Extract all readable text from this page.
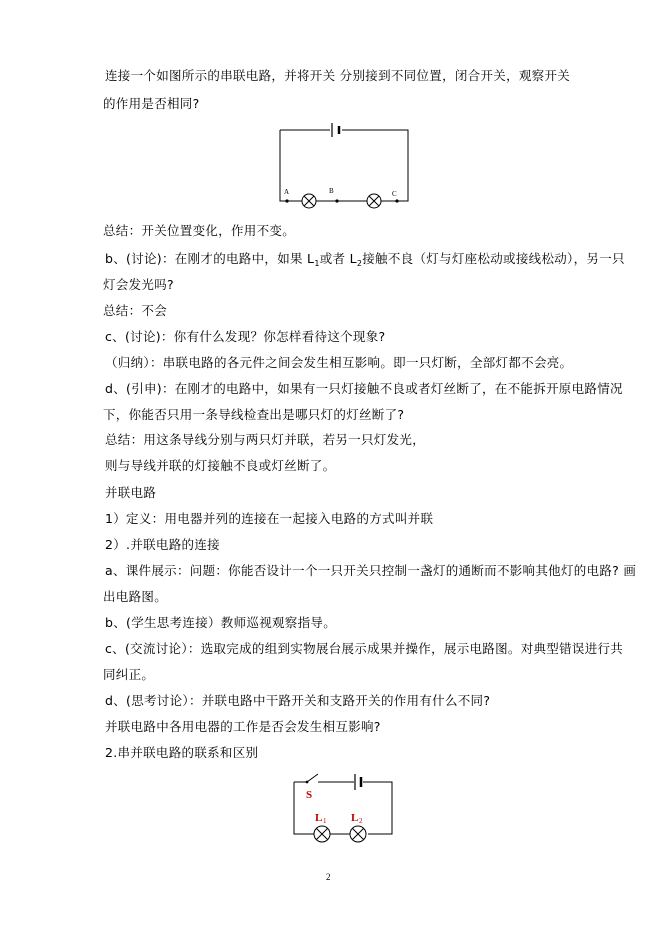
连接一个如图所示的串联电路，并将开关 分别接到不同位置，闭合开关，观察开关
的作用是否相同?
A	B	C
总结：开关位置变化，作用不变。
b、(讨论)：在刚才的电路中，如果 $L_1$或者 $L_2$接触不良（灯与灯座松动或接线松动），另一只
灯会发光吗?
总结：不会
c、(讨论)：你有什么发现？你怎样看待这个现象?
（归纳）：串联电路的各元件之间会发生相互影响。即一只灯断，全部灯都不会亮。
d、(引申)：在刚才的电路中，如果有一只灯接触不良或者灯丝断了，在不能拆开原电路情况
下，你能否只用一条导线检查出是哪只灯的灯丝断了?
总结：用这条导线分别与两只灯并联，若另一只灯发光，
则与导线并联的灯接触不良或灯丝断了。
并联电路
1）定义：用电器并列的连接在一起接入电路的方式叫并联
2）.并联电路的连接
a、课件展示：问题：你能否设计一个一只开关只控制一盏灯的通断而不影响其他灯的电路? 画
出电路图。
b、(学生思考连接）教师巡视观察指导。
c、(交流讨论）：选取完成的组到实物展台展示成果并操作，展示电路图。对典型错误进行共
同纠正。
d、(思考讨论）：并联电路中干路开关和支路开关的作用有什么不同?
并联电路中各用电器的工作是否会发生相互影响?
2.串并联电路的联系和区别
S
L 1 L 2
2
